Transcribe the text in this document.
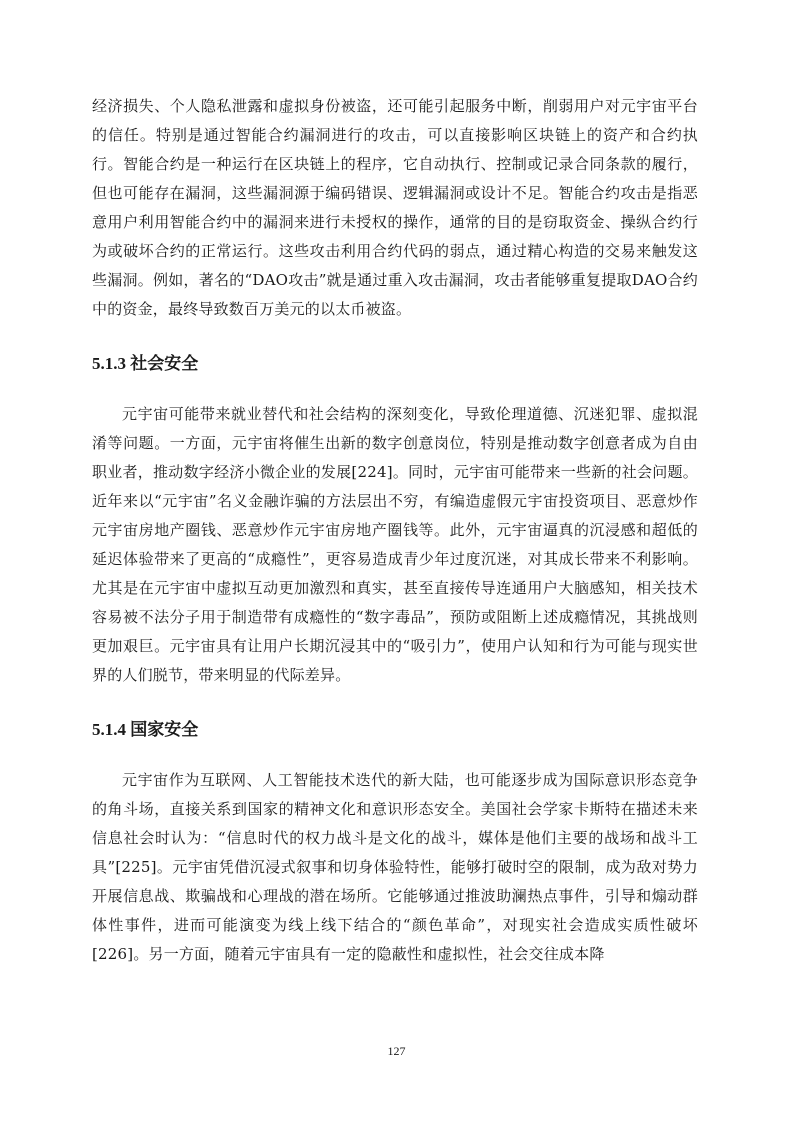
经济损失、个人隐私泄露和虚拟身份被盗，还可能引起服务中断，削弱用户对元宇宙平台的信任。特别是通过智能合约漏洞进行的攻击，可以直接影响区块链上的资产和合约执行。智能合约是一种运行在区块链上的程序，它自动执行、控制或记录合同条款的履行，但也可能存在漏洞，这些漏洞源于编码错误、逻辑漏洞或设计不足。智能合约攻击是指恶意用户利用智能合约中的漏洞来进行未授权的操作，通常的目的是窃取资金、操纵合约行为或破坏合约的正常运行。这些攻击利用合约代码的弱点，通过精心构造的交易来触发这些漏洞。例如，著名的“DAO攻击”就是通过重入攻击漏洞，攻击者能够重复提取DAO合约中的资金，最终导致数百万美元的以太币被盗。

5.1.3 社会安全

元宇宙可能带来就业替代和社会结构的深刻变化，导致伦理道德、沉迷犯罪、虚拟混淆等问题。一方面，元宇宙将催生出新的数字创意岗位，特别是推动数字创意者成为自由职业者，推动数字经济小微企业的发展[224]。同时，元宇宙可能带来一些新的社会问题。近年来以“元宇宙”名义金融诈骗的方法层出不穷，有编造虚假元宇宙投资项目、恶意炒作元宇宙房地产圈钱、恶意炒作元宇宙房地产圈钱等。此外，元宇宙逼真的沉浸感和超低的延迟体验带来了更高的“成瘾性”，更容易造成青少年过度沉迷，对其成长带来不利影响。尤其是在元宇宙中虚拟互动更加激烈和真实，甚至直接传导连通用户大脑感知，相关技术容易被不法分子用于制造带有成瘾性的“数字毒品”，预防或阻断上述成瘾情况，其挑战则更加艰巨。元宇宙具有让用户长期沉浸其中的“吸引力”，使用户认知和行为可能与现实世界的人们脱节，带来明显的代际差异。

5.1.4 国家安全

元宇宙作为互联网、人工智能技术迭代的新大陆，也可能逐步成为国际意识形态竞争的角斗场，直接关系到国家的精神文化和意识形态安全。美国社会学家卡斯特在描述未来信息社会时认为：“信息时代的权力战斗是文化的战斗，媒体是他们主要的战场和战斗工具”[225]。元宇宙凭借沉浸式叙事和切身体验特性，能够打破时空的限制，成为敌对势力开展信息战、欺骗战和心理战的潜在场所。它能够通过推波助澜热点事件，引导和煽动群体性事件，进而可能演变为线上线下结合的“颜色革命”，对现实社会造成实质性破坏[226]。另一方面，随着元宇宙具有一定的隐蔽性和虚拟性，社会交往成本降

127
